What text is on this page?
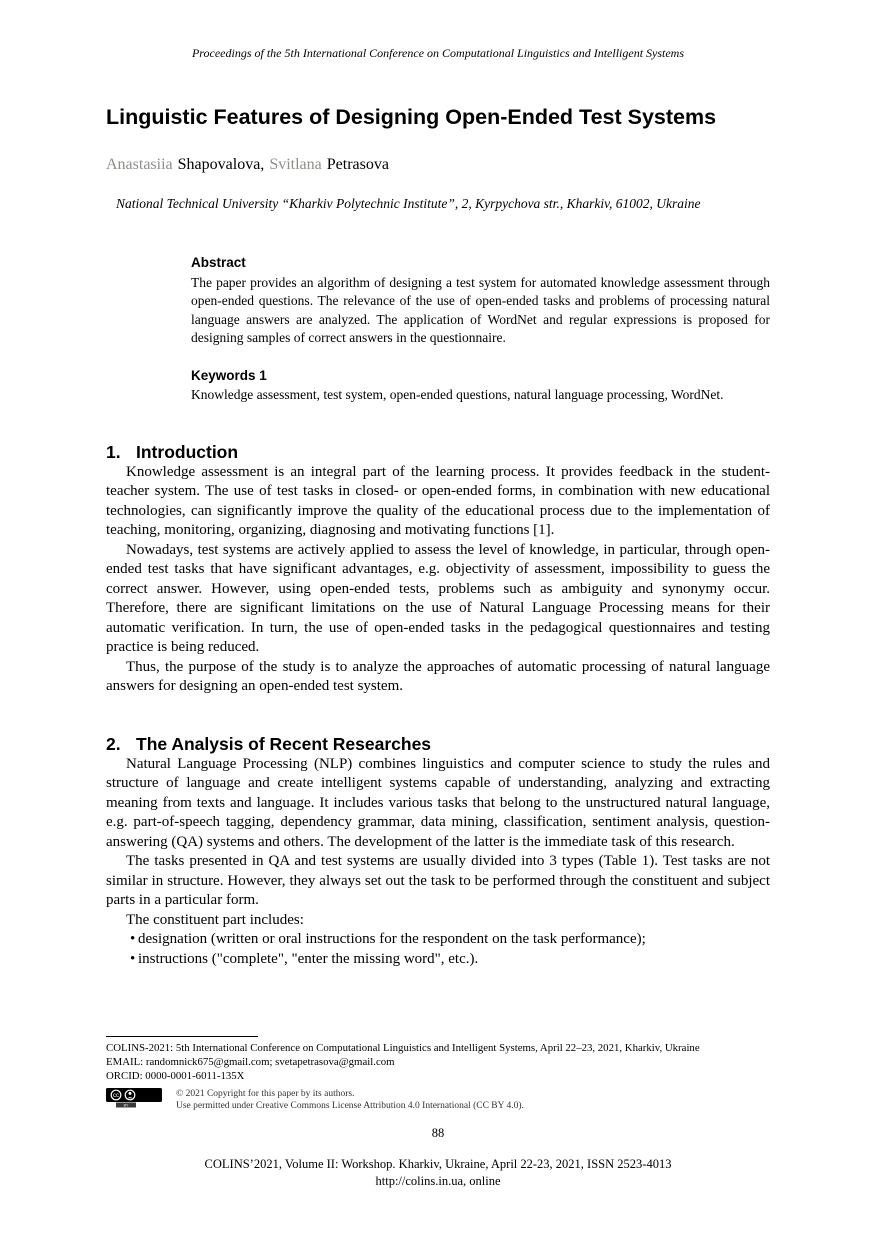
Proceedings of the 5th International Conference on Computational Linguistics and Intelligent Systems
Linguistic Features of Designing Open-Ended Test Systems
Anastasiia Shapovalova, Svitlana Petrasova
National Technical University “Kharkiv Polytechnic Institute”, 2, Kyrpychova str., Kharkiv, 61002, Ukraine
Abstract
The paper provides an algorithm of designing a test system for automated knowledge assessment through open-ended questions. The relevance of the use of open-ended tasks and problems of processing natural language answers are analyzed. The application of WordNet and regular expressions is proposed for designing samples of correct answers in the questionnaire.
Keywords 1
Knowledge assessment, test system, open-ended questions, natural language processing, WordNet.
1. Introduction

Knowledge assessment is an integral part of the learning process. It provides feedback in the student-teacher system. The use of test tasks in closed- or open-ended forms, in combination with new educational technologies, can significantly improve the quality of the educational process due to the implementation of teaching, monitoring, organizing, diagnosing and motivating functions [1].

Nowadays, test systems are actively applied to assess the level of knowledge, in particular, through open-ended test tasks that have significant advantages, e.g. objectivity of assessment, impossibility to guess the correct answer. However, using open-ended tests, problems such as ambiguity and synonymy occur. Therefore, there are significant limitations on the use of Natural Language Processing means for their automatic verification. In turn, the use of open-ended tasks in the pedagogical questionnaires and testing practice is being reduced.

Thus, the purpose of the study is to analyze the approaches of automatic processing of natural language answers for designing an open-ended test system.

2. The Analysis of Recent Researches

Natural Language Processing (NLP) combines linguistics and computer science to study the rules and structure of language and create intelligent systems capable of understanding, analyzing and extracting meaning from texts and language. It includes various tasks that belong to the unstructured natural language, e.g. part-of-speech tagging, dependency grammar, data mining, classification, sentiment analysis, question-answering (QA) systems and others. The development of the latter is the immediate task of this research.

The tasks presented in QA and test systems are usually divided into 3 types (Table 1). Test tasks are not similar in structure. However, they always set out the task to be performed through the constituent and subject parts in a particular form.

The constituent part includes:

• designation (written or oral instructions for the respondent on the task performance);
• instructions ("complete", "enter the missing word", etc.).
COLINS-2021: 5th International Conference on Computational Linguistics and Intelligent Systems, April 22–23, 2021, Kharkiv, Ukraine
EMAIL: randomnick675@gmail.com; svetapetrasova@gmail.com
ORCID: 0000-0001-6011-135X
cc
BY
© 2021 Copyright for this paper by its authors.
Use permitted under Creative Commons License Attribution 4.0 International (CC BY 4.0).
88
COLINS’2021, Volume II: Workshop. Kharkiv, Ukraine, April 22-23, 2021, ISSN 2523-4013
http://colins.in.ua, online
